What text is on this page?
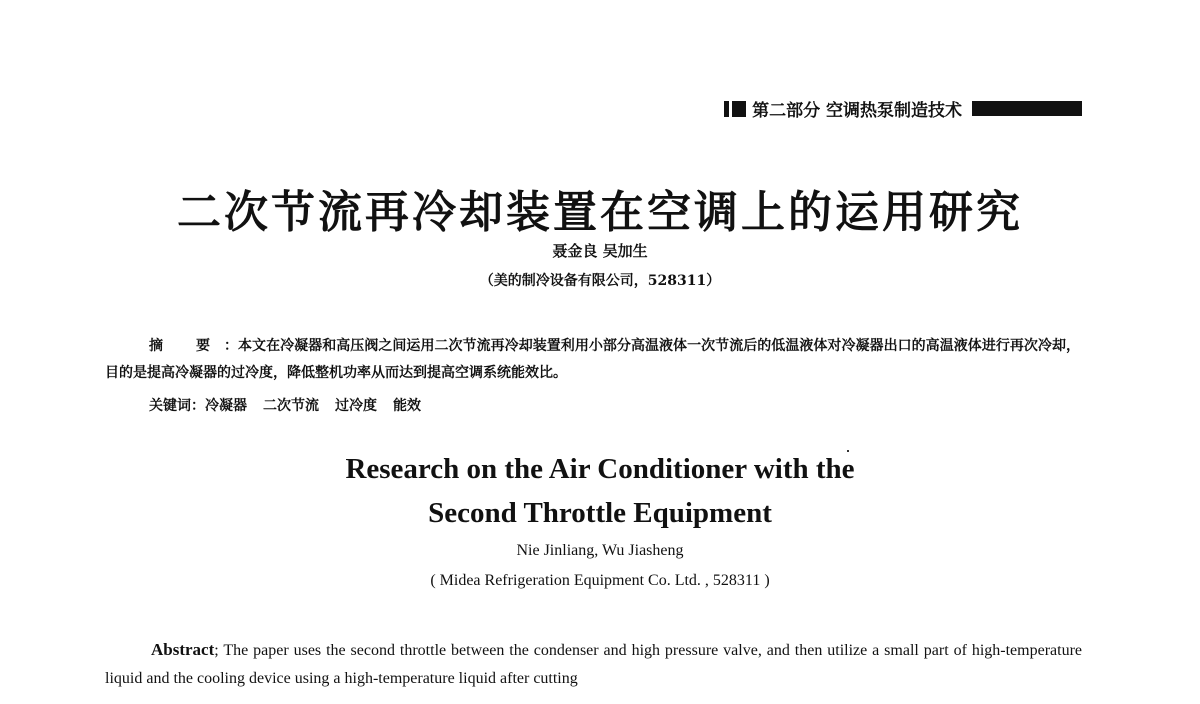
第二部分 空调热泵制造技术
二次节流再冷却装置在空调上的运用研究
聂金良 吴加生
（美的制冷设备有限公司，528311）
摘 要：本文在冷凝器和高压阀之间运用二次节流再冷却装置利用小部分高温液体一次节流后的低温液体对冷凝器出口的高温液体进行再次冷却，目的是提高冷凝器的过冷度，降低整机功率从而达到提高空调系统能效比。
关键词：冷凝器 二次节流 过冷度 能效
Research on the Air Conditioner with the
Second Throttle Equipment
Nie Jinliang, Wu Jiasheng
( Midea Refrigeration Equipment Co. Ltd. , 528311 )
Abstract; The paper uses the second throttle between the condenser and high pressure valve, and then utilize a small part of high-temperature liquid and the cooling device using a high-temperature liquid after cutting
